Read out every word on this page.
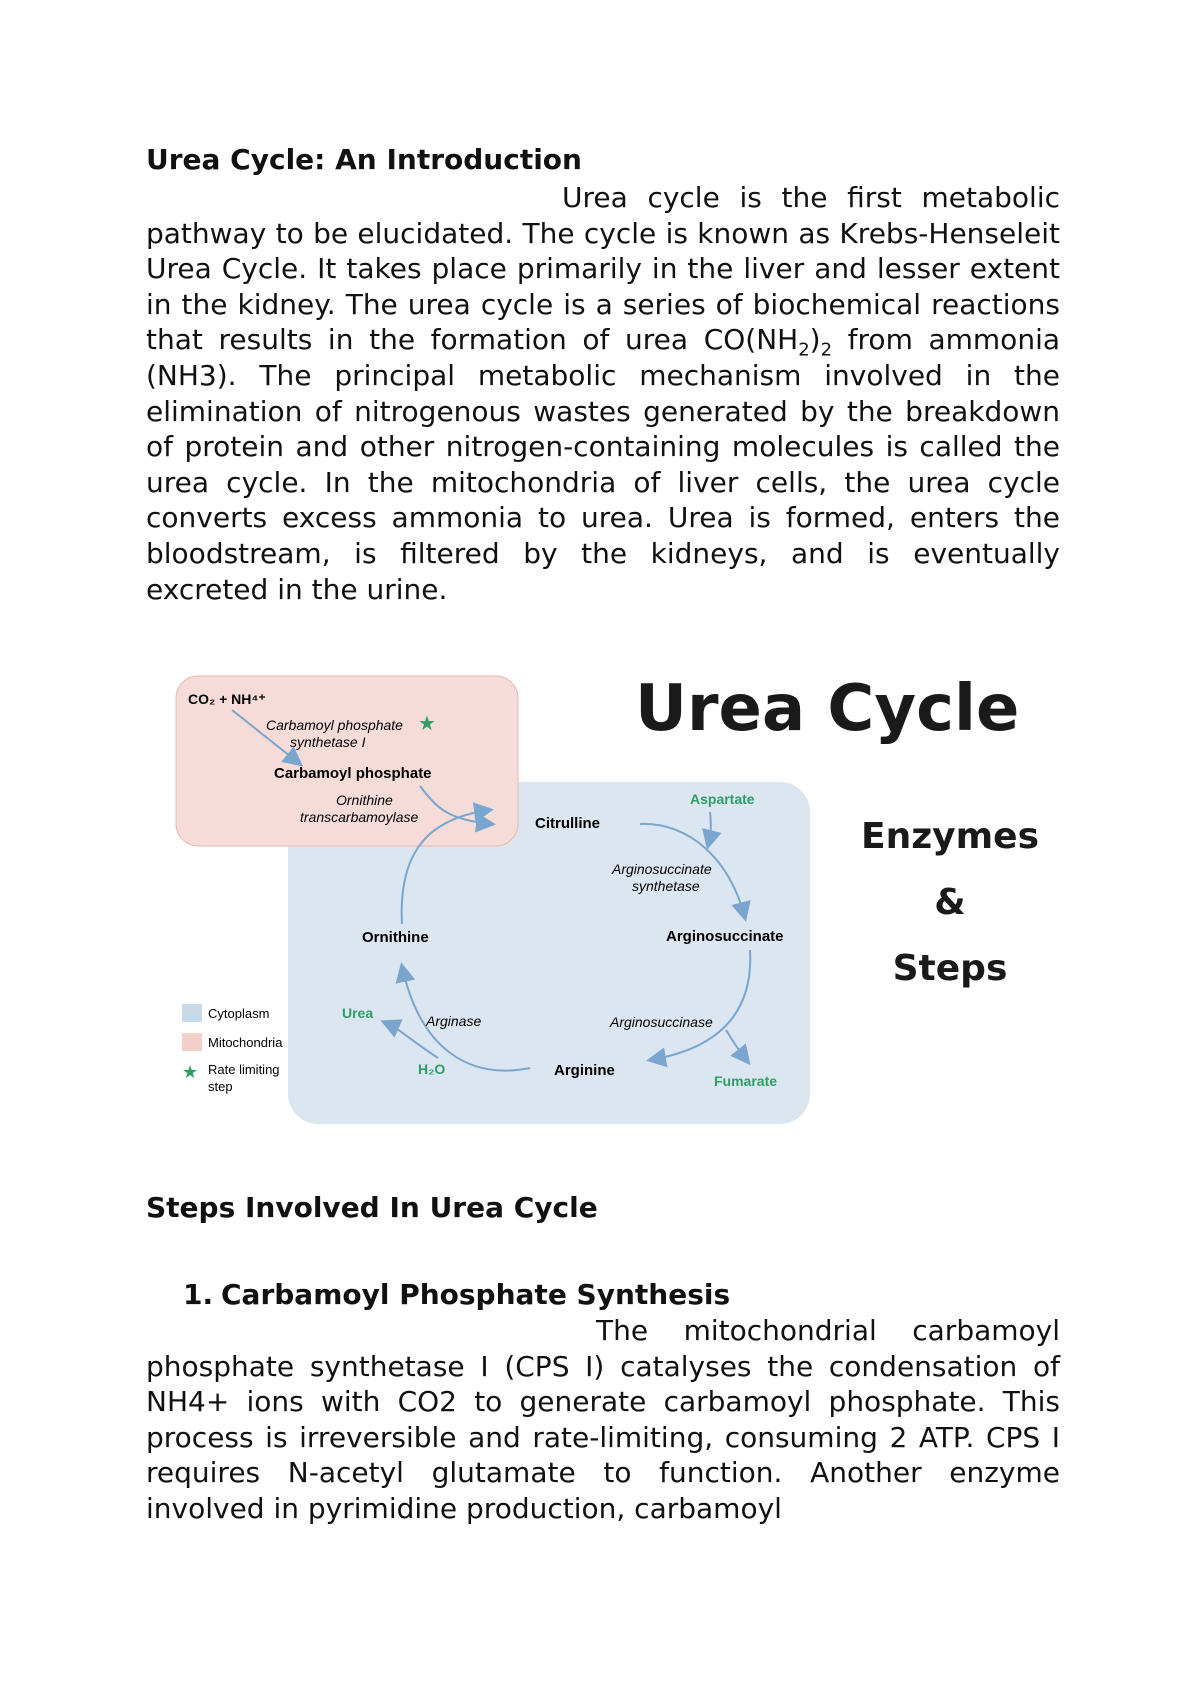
Urea Cycle: An Introduction

Urea cycle is the first metabolic pathway to be elucidated. The cycle is known as Krebs-Henseleit Urea Cycle. It takes place primarily in the liver and lesser extent in the kidney. The urea cycle is a series of biochemical reactions that results in the formation of urea $CO(NH_2)_2$ from ammonia (NH3). The principal metabolic mechanism involved in the elimination of nitrogenous wastes generated by the breakdown of protein and other nitrogen-containing molecules is called the urea cycle. In the mitochondria of liver cells, the urea cycle converts excess ammonia to urea. Urea is formed, enters the bloodstream, is filtered by the kidneys, and is eventually excreted in the urine.

CO₂ + NH⁴⁺
Carbamoyl phosphate
synthetase I
★
Carbamoyl phosphate
Ornithine
transcarbamoylase	Citrulline
Aspartate
Arginosuccinate
synthetase
Arginosuccinate
Arginosuccinase
Fumarate
Arginine
H₂O
Arginase
Urea
Ornithine
Cytoplasm
Mitochondria
★ Rate limiting
step
Urea Cycle
Enzymes
&
Steps
Steps Involved In Urea Cycle
1. Carbamoyl Phosphate Synthesis

The mitochondrial carbamoyl phosphate synthetase I (CPS I) catalyses the condensation of NH4+ ions with CO2 to generate carbamoyl phosphate. This process is irreversible and rate-limiting, consuming 2 ATP. CPS I requires N-acetyl glutamate to function. Another enzyme involved in pyrimidine production, carbamoyl
